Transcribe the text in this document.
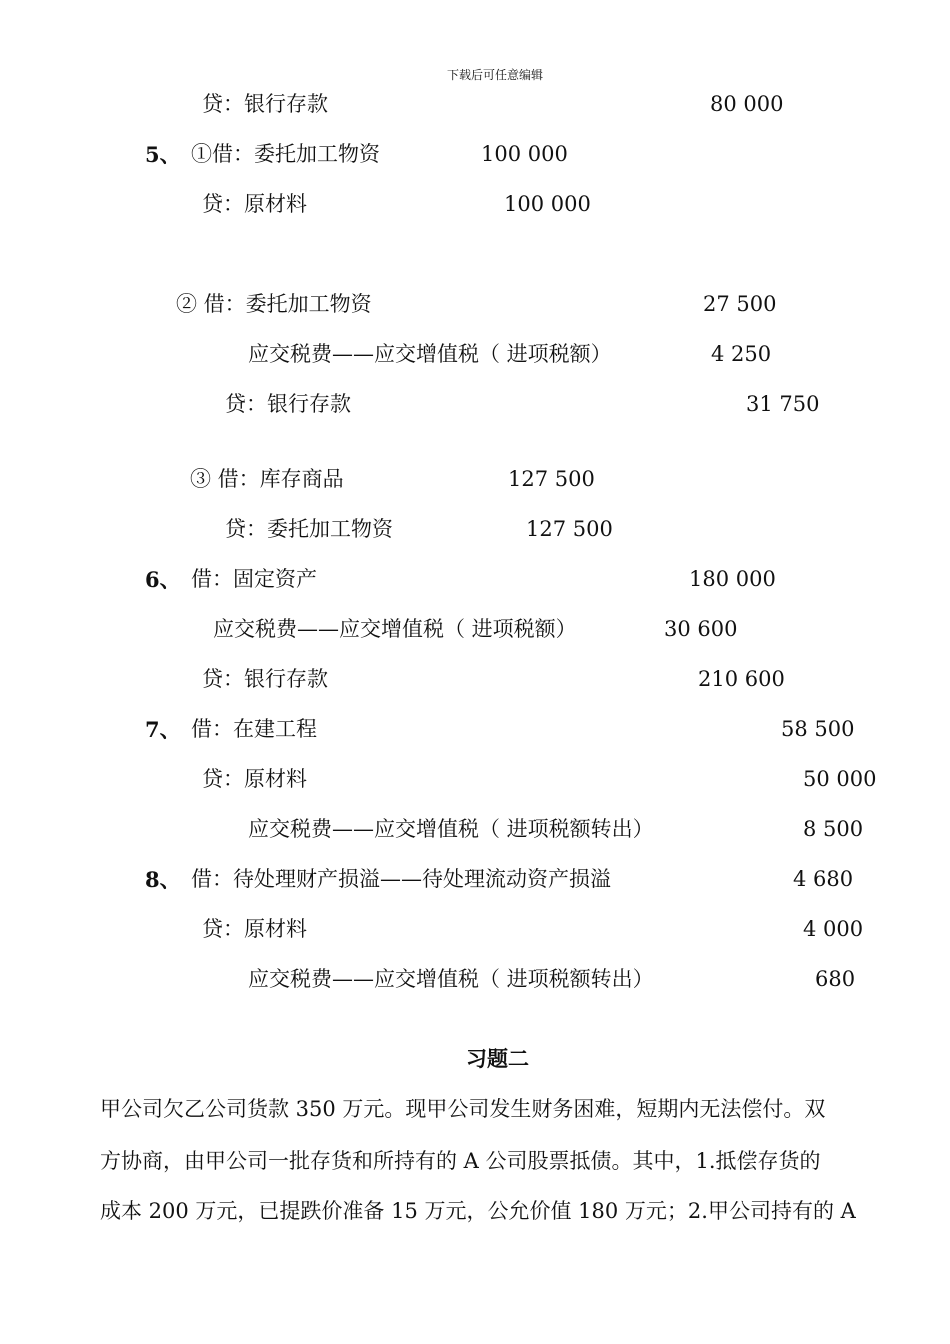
下载后可任意编辑
贷：银行存款	80 000
5、 ①借：委托加工物资	100 000
贷：原材料	100 000
② 借：委托加工物资	27 500
应交税费——应交增值税（ 进项税额）	4 250
贷：银行存款	31 750
③ 借：库存商品	127 500
贷：委托加工物资	127 500
6、 借：固定资产	180 000
应交税费——应交增值税（ 进项税额）	30 600
贷：银行存款	210 600
7、 借：在建工程	58 500
贷：原材料	50 000
应交税费——应交增值税（ 进项税额转出）	8 500
8、 借：待处理财产损溢——待处理流动资产损溢	4 680
贷：原材料	4 000
应交税费——应交增值税（ 进项税额转出）	680
习题二
甲公司欠乙公司货款 350 万元。现甲公司发生财务困难，短期内无法偿付。双
方协商，由甲公司一批存货和所持有的 A 公司股票抵债。其中，1.抵偿存货的
成本 200 万元，已提跌价准备 15 万元，公允价值 180 万元；2.甲公司持有的 A
